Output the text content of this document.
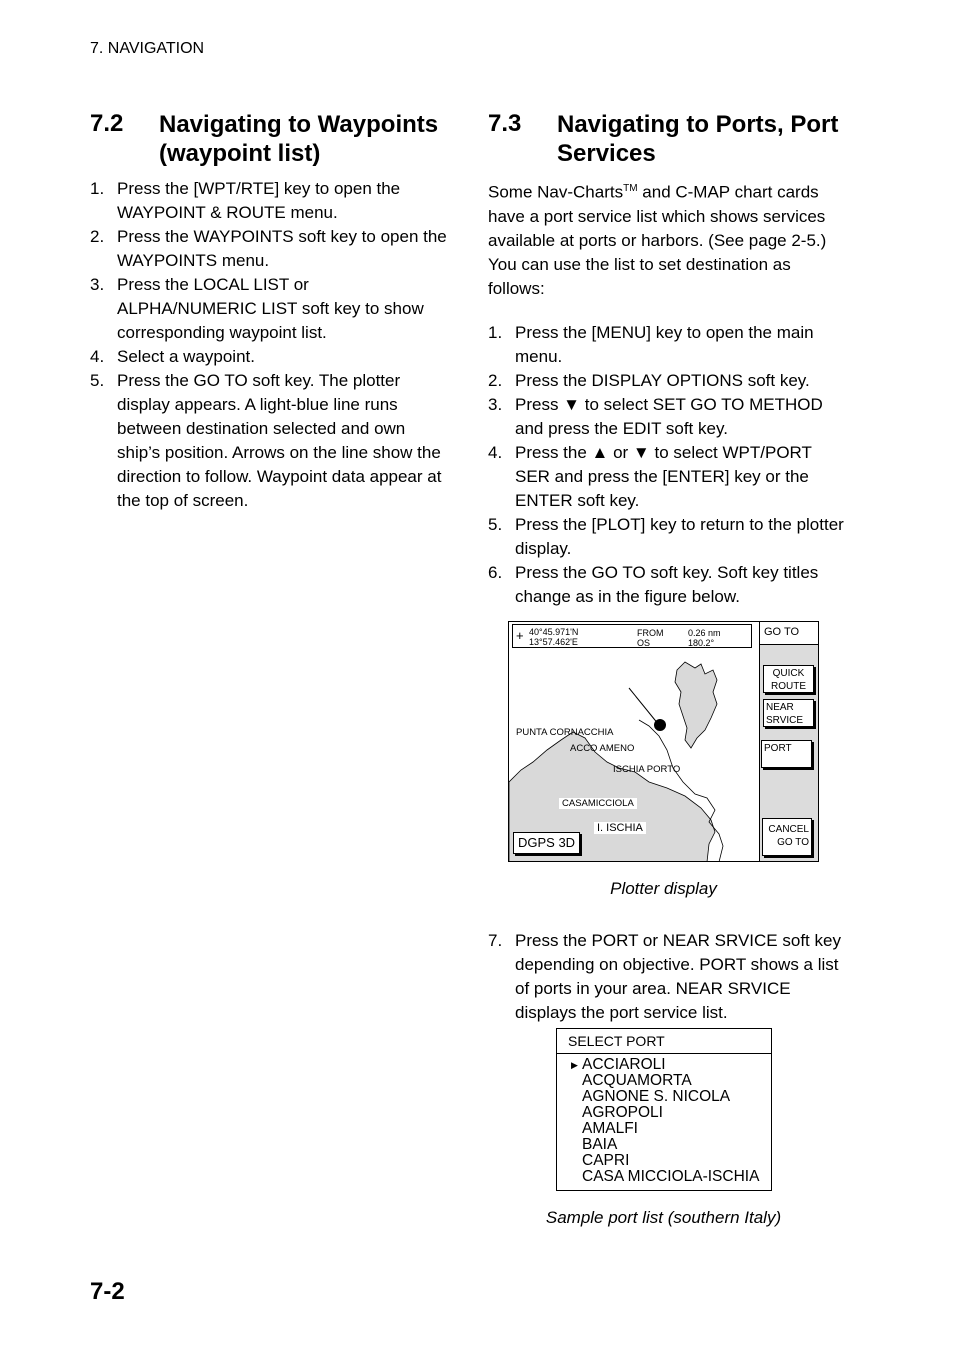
7. NAVIGATION
7.2 Navigating to Waypoints (waypoint list)
1. Press the [WPT/RTE] key to open the WAYPOINT & ROUTE menu.
2. Press the WAYPOINTS soft key to open the WAYPOINTS menu.
3. Press the LOCAL LIST or ALPHA/NUMERIC LIST soft key to show corresponding waypoint list.
4. Select a waypoint.
5. Press the GO TO soft key. The plotter display appears. A light-blue line runs between destination selected and own ship’s position. Arrows on the line show the direction to follow. Waypoint data appear at the top of screen.
7.3 Navigating to Ports, Port Services
Some Nav-Charts™ and C-MAP chart cards have a port service list which shows services available at ports or harbors. (See page 2-5.) You can use the list to set destination as follows:
1. Press the [MENU] key to open the main menu.
2. Press the DISPLAY OPTIONS soft key.
3. Press ▼ to select SET GO TO METHOD and press the EDIT soft key.
4. Press the ▲ or ▼ to select WPT/PORT SER and press the [ENTER] key or the ENTER soft key.
5. Press the [PLOT] key to return to the plotter display.
6. Press the GO TO soft key. Soft key titles change as in the figure below.
+ 40°45.971'N
13°57.462'E
FROM
OS
0.26 nm
180.2°
PUNTA CORNACCHIA
ACCO AMENO
ISCHIA PORTO
CASAMICCIOLA
I. ISCHIA
DGPS 3D
GO TO
QUICK
ROUTE
NEAR
SRVICE
PORT
CANCEL
GO TO
Plotter display
7. Press the PORT or NEAR SRVICE soft key depending on objective. PORT shows a list of ports in your area. NEAR SRVICE displays the port service list.
SELECT PORT
▶ ACCIAROLI
ACQUAMORTA
AGNONE S. NICOLA
AGROPOLI
AMALFI
BAIA
CAPRI
CASA MICCIOLA-ISCHIA
Sample port list (southern Italy)
7-2
